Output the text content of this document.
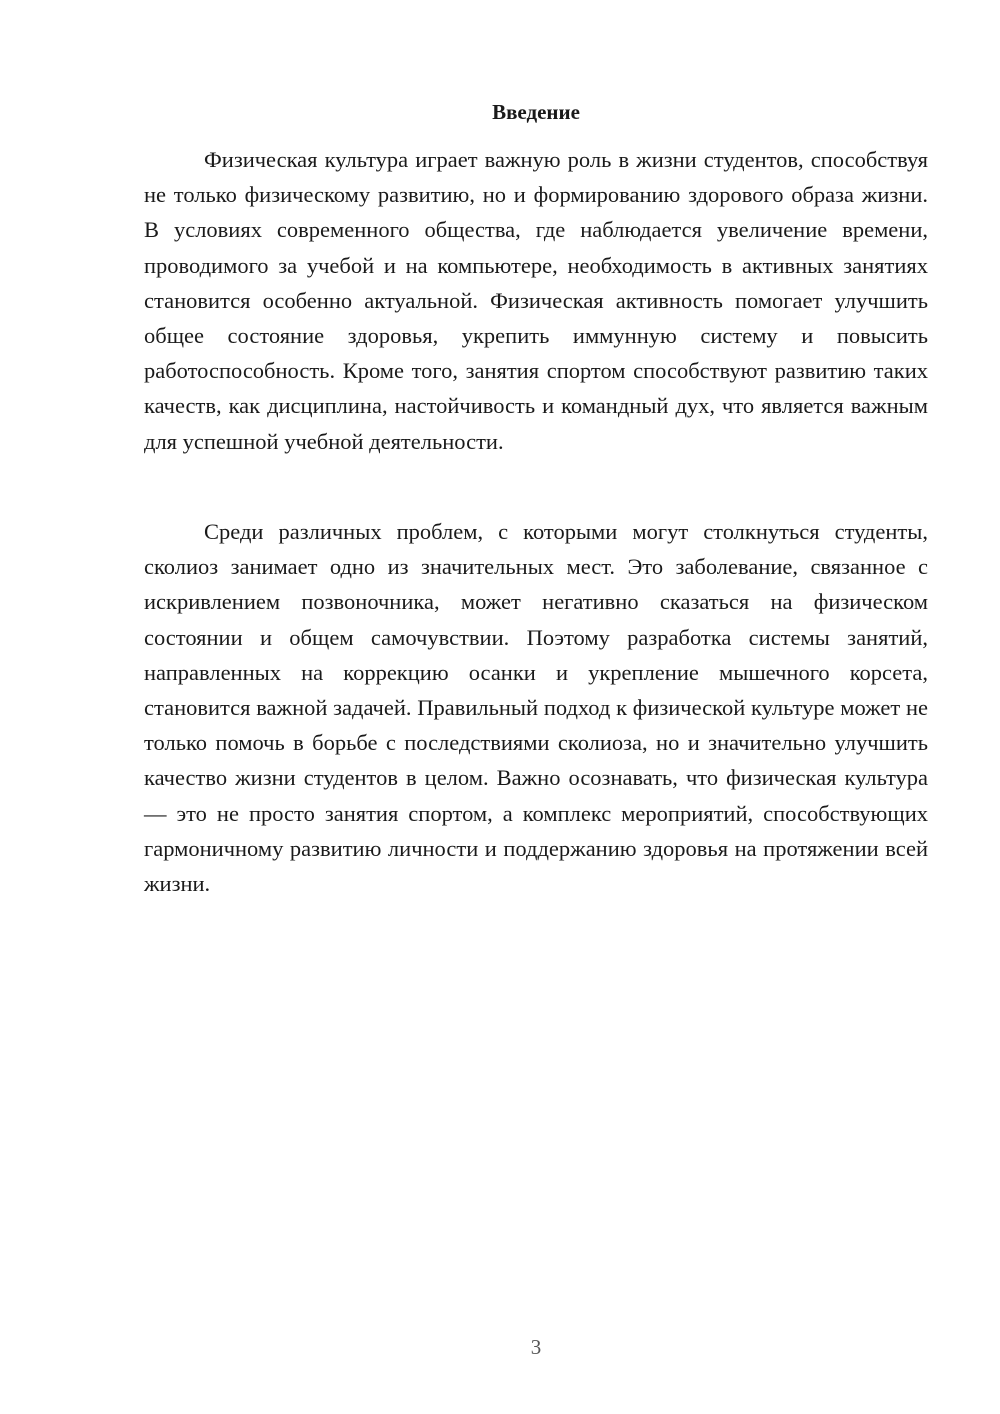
Введение

Физическая культура играет важную роль в жизни студентов, способствуя не только физическому развитию, но и формированию здорового образа жизни. В условиях современного общества, где наблюдается увеличение времени, проводимого за учебой и на компьютере, необходимость в активных занятиях становится особенно актуальной. Физическая активность помогает улучшить общее состояние здоровья, укрепить иммунную систему и повысить работоспособность. Кроме того, занятия спортом способствуют развитию таких качеств, как дисциплина, настойчивость и командный дух, что является важным для успешной учебной деятельности.

Среди различных проблем, с которыми могут столкнуться студенты, сколиоз занимает одно из значительных мест. Это заболевание, связанное с искривлением позвоночника, может негативно сказаться на физическом состоянии и общем самочувствии. Поэтому разработка системы занятий, направленных на коррекцию осанки и укрепление мышечного корсета, становится важной задачей. Правильный подход к физической культуре может не только помочь в борьбе с последствиями сколиоза, но и значительно улучшить качество жизни студентов в целом. Важно осознавать, что физическая культура — это не просто занятия спортом, а комплекс мероприятий, способствующих гармоничному развитию личности и поддержанию здоровья на протяжении всей жизни.

3
